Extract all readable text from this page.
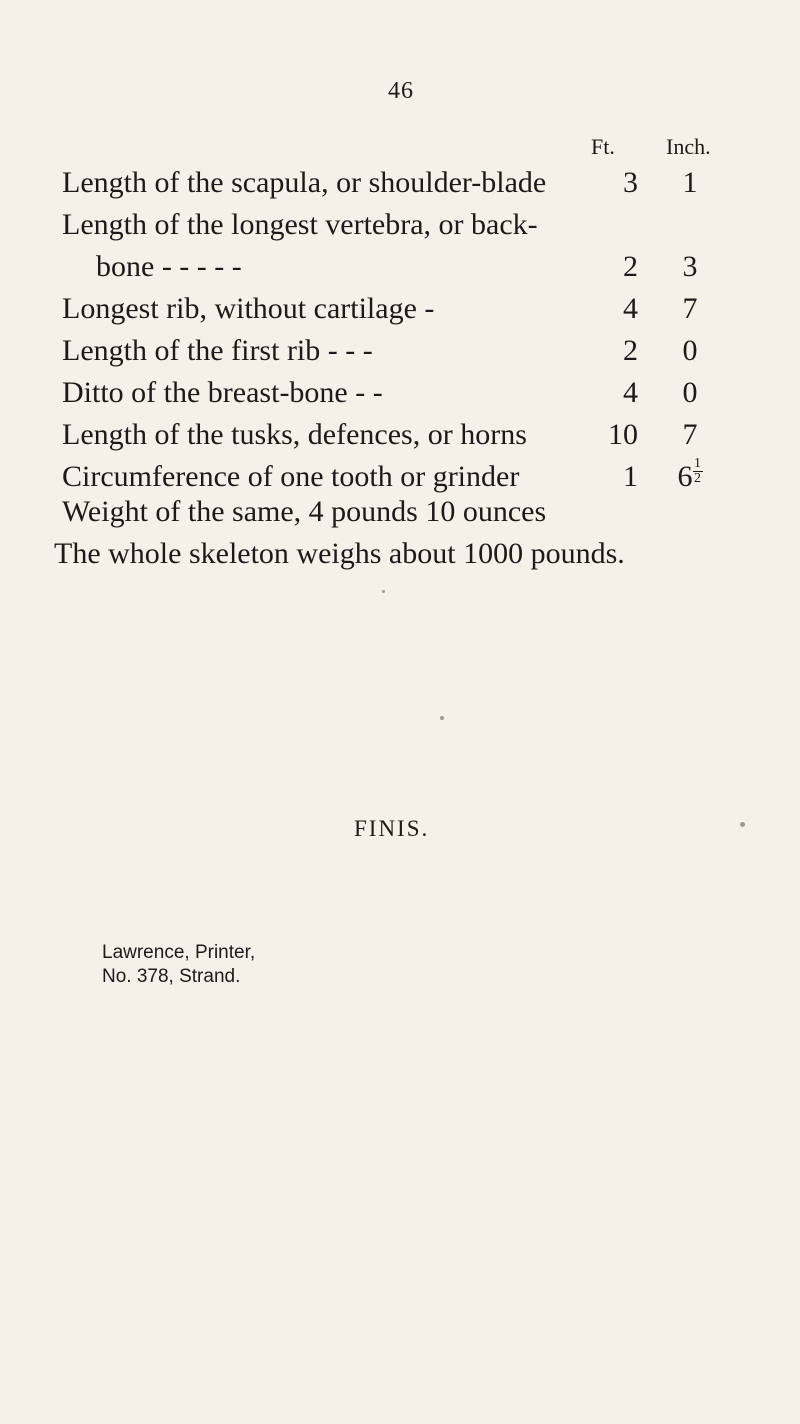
46
Ft. Inch.
Length of the scapula, or shoulder-blade	3	1
Length of the longest vertebra, or back-
bone - - - - -	2	3
Longest rib, without cartilage -	4	7
Length of the first rib - - -	2	0
Ditto of the breast-bone - -	4	0
Length of the tusks, defences, or horns	10	7
Circumference of one tooth or grinder	1 $6 \frac{1}{2}$
Weight of the same, 4 pounds 10 ounces
The whole skeleton weighs about 1000 pounds.
FINIS.
Lawrence, Printer,
No. 378, Strand.
